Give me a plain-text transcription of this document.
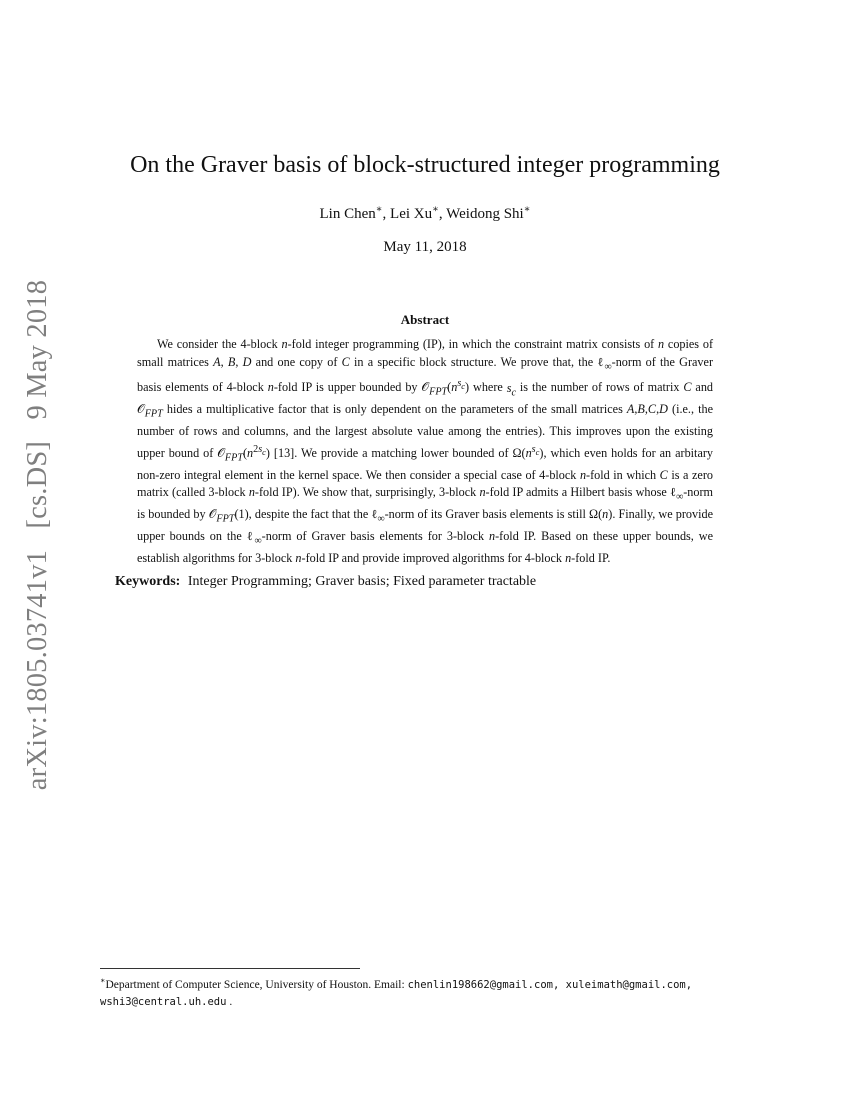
arXiv:1805.03741v1 [cs.DS] 9 May 2018
On the Graver basis of block-structured integer programming
Lin Chen∗, Lei Xu∗, Weidong Shi∗
May 11, 2018
Abstract

We consider the 4-block n-fold integer programming (IP), in which the constraint matrix consists of n copies of small matrices A, B, D and one copy of C in a specific block structure. We prove that, the ℓ$_\infty$-norm of the Graver basis elements of 4-block n-fold IP is upper bounded by $𝒪_{FPT}(n^{s_c})$ where $s_c$ is the number of rows of matrix C and 𝒪$_{FPT}$ hides a multiplicative factor that is only dependent on the parameters of the small matrices A,B,C,D (i.e., the number of rows and columns, and the largest absolute value among the entries). This improves upon the existing upper bound of $𝒪_{FPT}(n^{2s_c})$ [13]. We provide a matching lower bounded of $\Omega(n^{s_c})$, which even holds for an arbitary non-zero integral element in the kernel space. We then consider a special case of 4-block n-fold in which C is a zero matrix (called 3-block n-fold IP). We show that, surprisingly, 3-block n-fold IP admits a Hilbert basis whose ℓ$_\infty$-norm is bounded by 𝒪$_{FPT}$(1), despite the fact that the ℓ$_\infty$-norm of its Graver basis elements is still Ω(n). Finally, we provide upper bounds on the ℓ$_\infty$-norm of Graver basis elements for 3-block n-fold IP. Based on these upper bounds, we establish algorithms for 3-block n-fold IP and provide improved algorithms for 4-block n-fold IP.

Keywords: Integer Programming; Graver basis; Fixed parameter tractable
∗Department of Computer Science, University of Houston. Email: chenlin198662@gmail.com, xuleimath@gmail.com,
wshi3@central.uh.edu .
